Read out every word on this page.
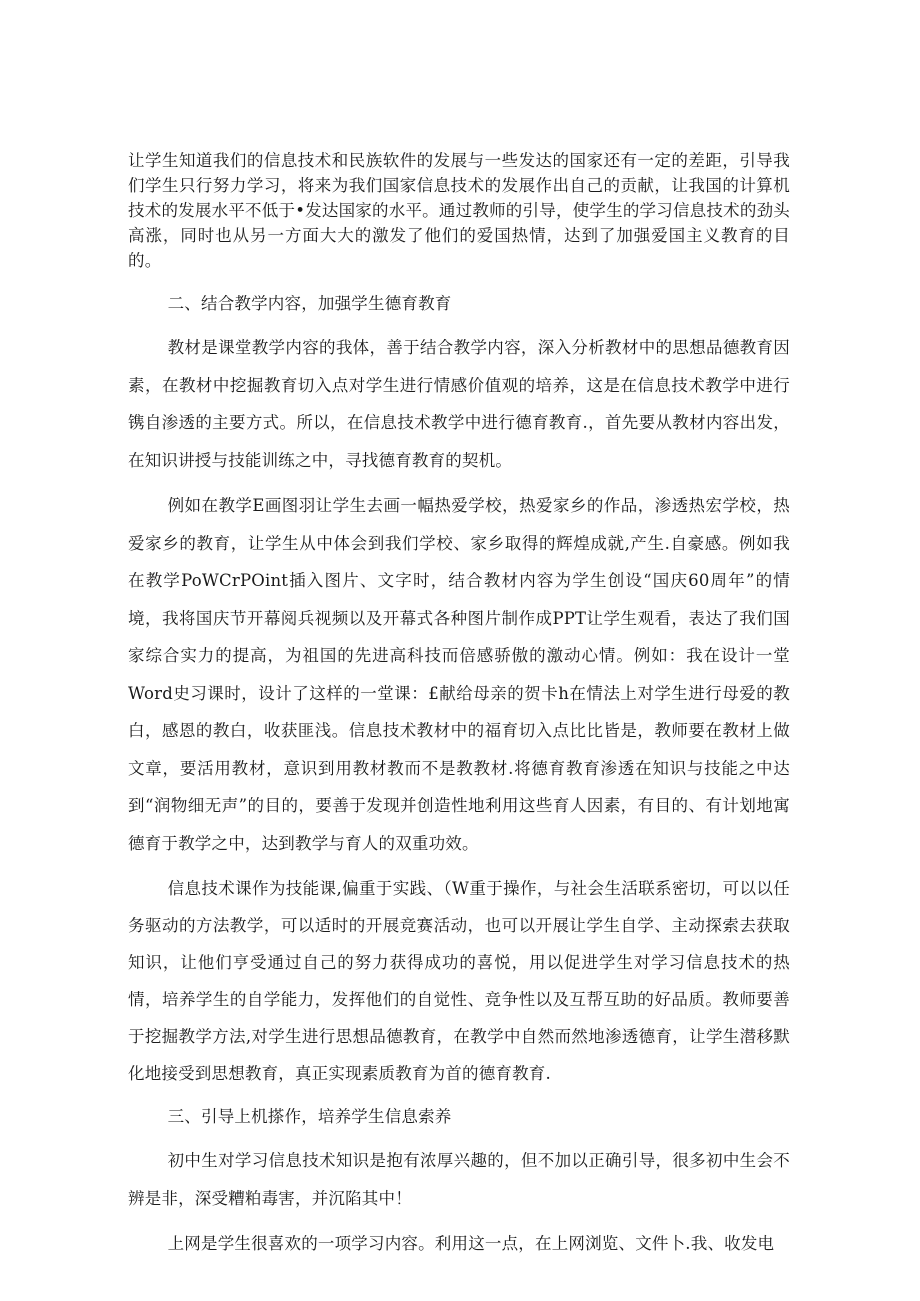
让学生知道我们的信息技术和民族软件的发展与一些发达的国家还有一定的差距，引导我们学生只行努力学习，将来为我们国家信息技术的发展作出自己的贡献，让我国的计算机技术的发展水平不低于•发达国家的水平。通过教师的引导，使学生的学习信息技术的劲头高涨，同时也从另一方面大大的激发了他们的爱国热情，达到了加强爱国主义教育的目的。

二、结合教学内容，加强学生德育教育

教材是课堂教学内容的我体，善于结合教学内容，深入分析教材中的思想品德教育因素，在教材中挖掘教育切入点对学生进行情感价值观的培养，这是在信息技术教学中进行镌自渗透的主要方式。所以，在信息技术教学中进行德育教育.，首先要从教材内容出发，在知识讲授与技能训练之中，寻找德育教育的契机。

例如在教学E画图羽让学生去画一幅热爱学校，热爱家乡的作品，渗透热宏学校，热爱家乡的教育，让学生从中体会到我们学校、家乡取得的辉煌成就,产生.自豪感。例如我在教学PoWCrPOint插入图片、文字时，结合教材内容为学生创设“国庆60周年”的情境，我将国庆节开幕阅兵视频以及开幕式各种图片制作成PPT让学生观看，表达了我们国家综合实力的提高，为祖国的先进高科技而倍感骄傲的激动心情。例如：我在设计一堂Word史习课时，设计了这样的一堂课：£献给母亲的贺卡h在情法上对学生进行母爱的教白，感恩的教白，收获匪浅。信息技术教材中的福育切入点比比皆是，教师要在教材上做文章，要活用教材，意识到用教材教而不是教教材.将德育教育渗透在知识与技能之中达到“润物细无声”的目的，要善于发现并创造性地利用这些育人因素，有目的、有计划地寓德育于教学之中，达到教学与育人的双重功效。

信息技术课作为技能课,偏重于实践、（W重于操作，与社会生活联系密切，可以以任务驱动的方法教学，可以适时的开展竞赛活动，也可以开展让学生自学、主动探索去获取知识，让他们亨受通过自己的努力获得成功的喜悦，用以促进学生对学习信息技术的热情，培养学生的自学能力，发挥他们的自觉性、竞争性以及互帮互助的好品质。教师要善于挖掘教学方法,对学生进行思想品德教育，在教学中自然而然地渗透德育，让学生潜移默化地接受到思想教育，真正实现素质教育为首的德育教育.

三、引导上机搽作，培养学生信息索养

初中生对学习信息技术知识是抱有浓厚兴趣的，但不加以正确引导，很多初中生会不辨是非，深受糟粕毒害，并沉陷其中！

上网是学生很喜欢的一项学习内容。利用这一点，在上网浏览、文件卜.我、收发电
